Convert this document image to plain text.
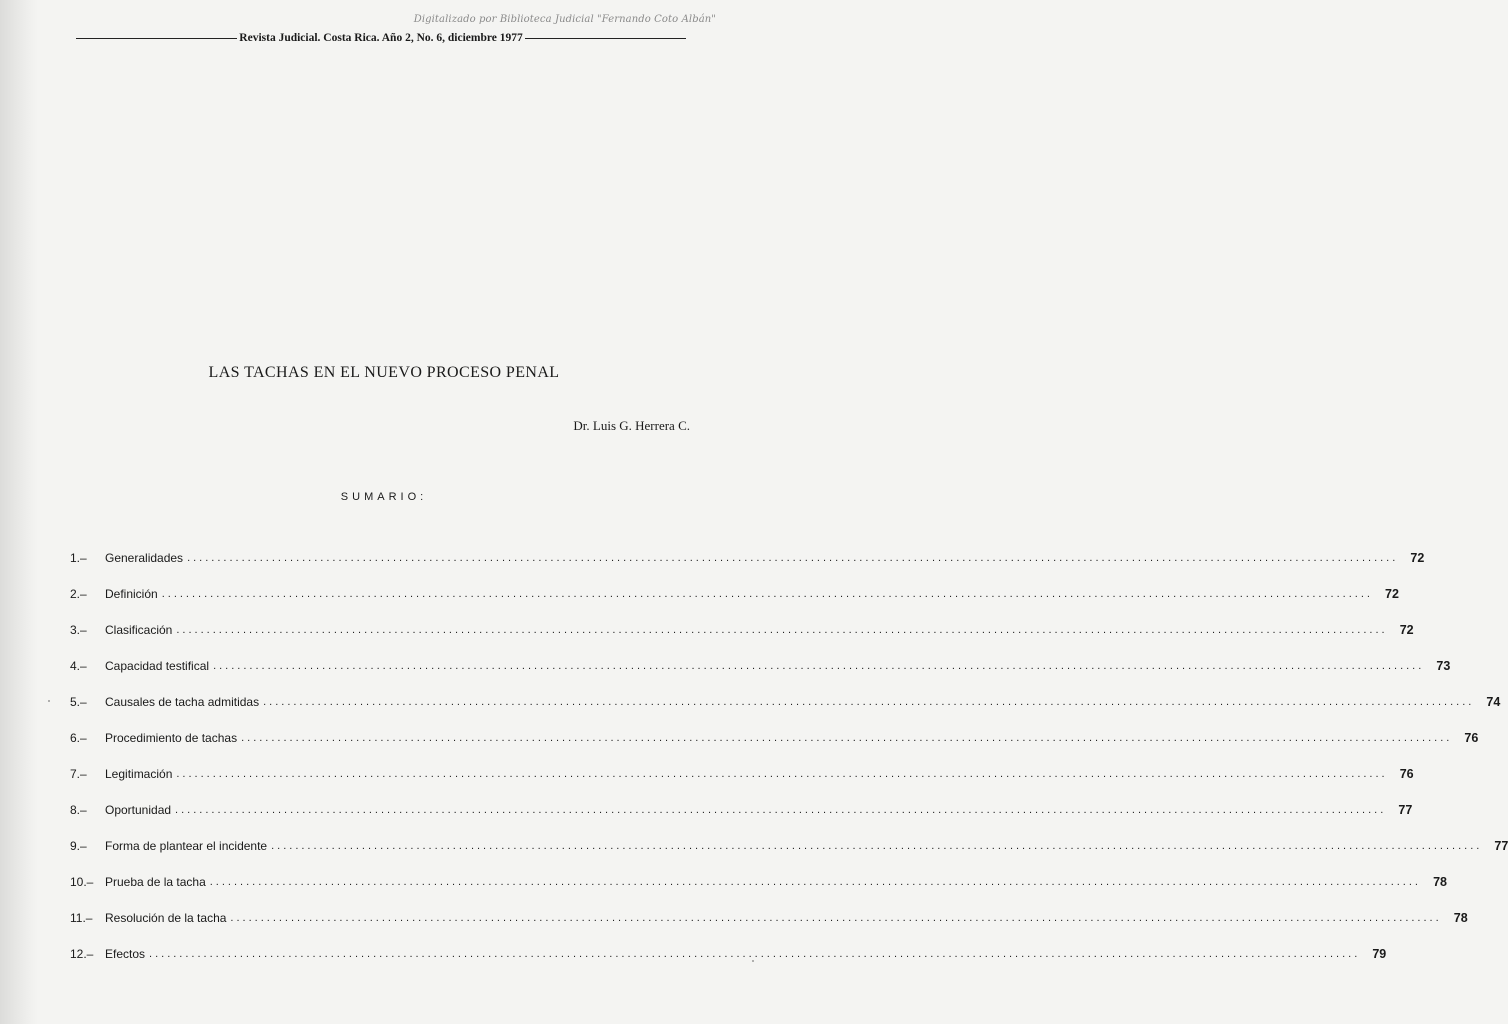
Digitalizado por Biblioteca Judicial "Fernando Coto Albán"
Revista Judicial. Costa Rica. Año 2, No. 6, diciembre 1977
LAS TACHAS EN EL NUEVO PROCESO PENAL
Dr. Luis G. Herrera C.
SUMARIO:
1.–	Generalidades ........................................................................................................................................................................................................ 72
2.–	Definición ........................................................................................................................................................................................................ 72
3.–	Clasificación ........................................................................................................................................................................................................ 72
4.–	Capacidad testifical ........................................................................................................................................................................................................ 73
5.–	Causales de tacha admitidas ........................................................................................................................................................................................................ 74
6.–	Procedimiento de tachas ........................................................................................................................................................................................................ 76
7.–	Legitimación ........................................................................................................................................................................................................ 76
8.–	Oportunidad ........................................................................................................................................................................................................ 77
9.–	Forma de plantear el incidente ........................................................................................................................................................................................................ 77
10.– Prueba de la tacha ........................................................................................................................................................................................................ 78
11.–	Resolución de la tacha ........................................................................................................................................................................................................ 78
12.– Efectos ........................................................................................................................................................................................................ 79
